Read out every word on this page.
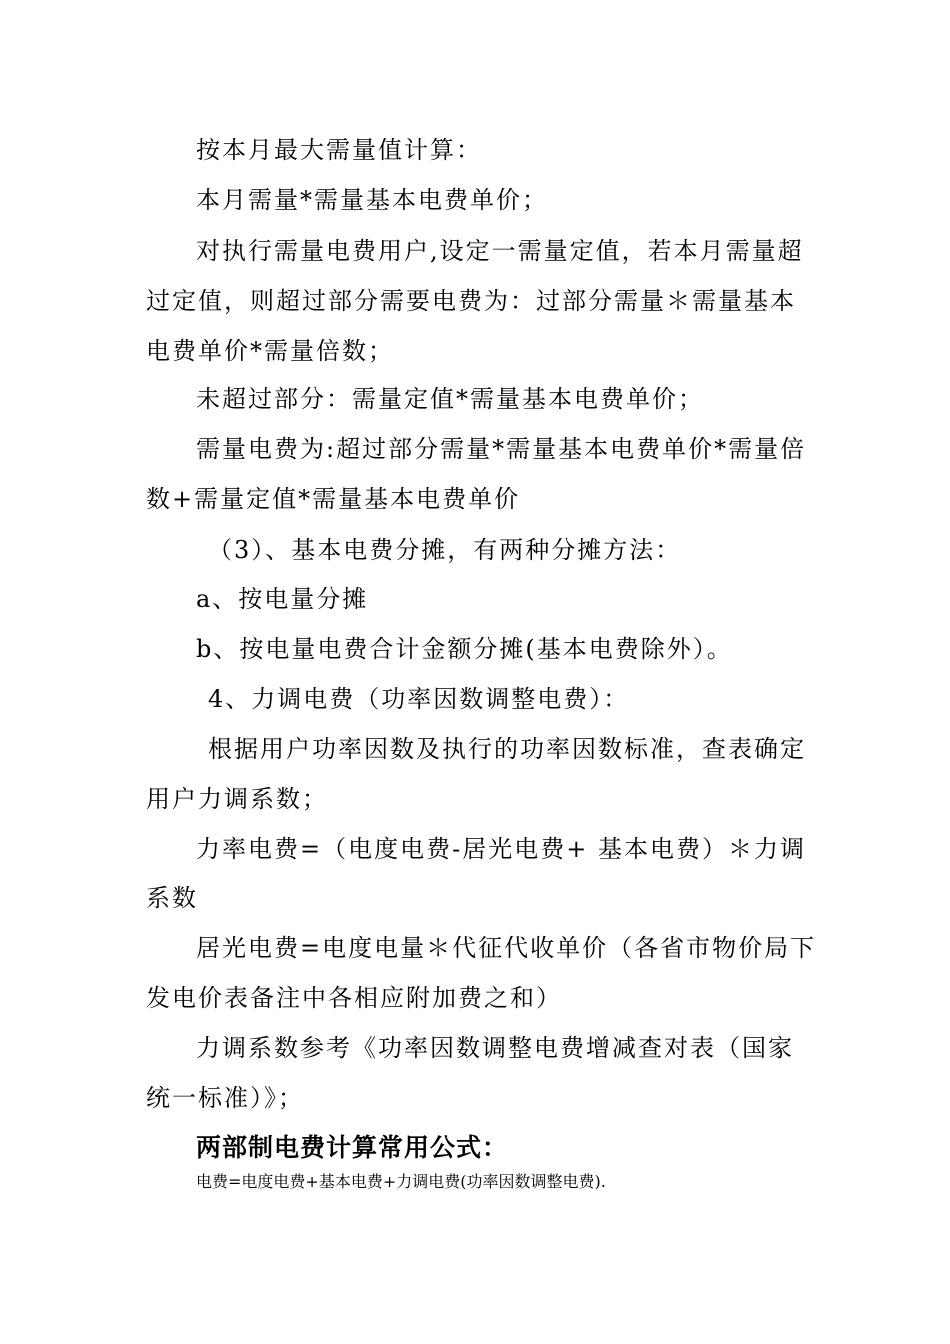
按本月最大需量值计算：
本月需量*需量基本电费单价；
对执行需量电费用户,设定一需量定值，若本月需量超
过定值，则超过部分需要电费为：过部分需量＊需量基本
电费单价*需量倍数；
未超过部分：需量定值*需量基本电费单价；
需量电费为:超过部分需量*需量基本电费单价*需量倍
数+需量定值*需量基本电费单价
（3）、基本电费分摊，有两种分摊方法：
a、按电量分摊
b、按电量电费合计金额分摊(基本电费除外）。
4、力调电费（功率因数调整电费）：
根据用户功率因数及执行的功率因数标准，查表确定
用户力调系数；
力率电费=（电度电费-居光电费+ 基本电费）＊力调
系数
居光电费=电度电量＊代征代收单价（各省市物价局下
发电价表备注中各相应附加费之和）
力调系数参考《功率因数调整电费增减查对表（国家
统一标准）》；
两部制电费计算常用公式：
电费=电度电费+基本电费+力调电费(功率因数调整电费).
